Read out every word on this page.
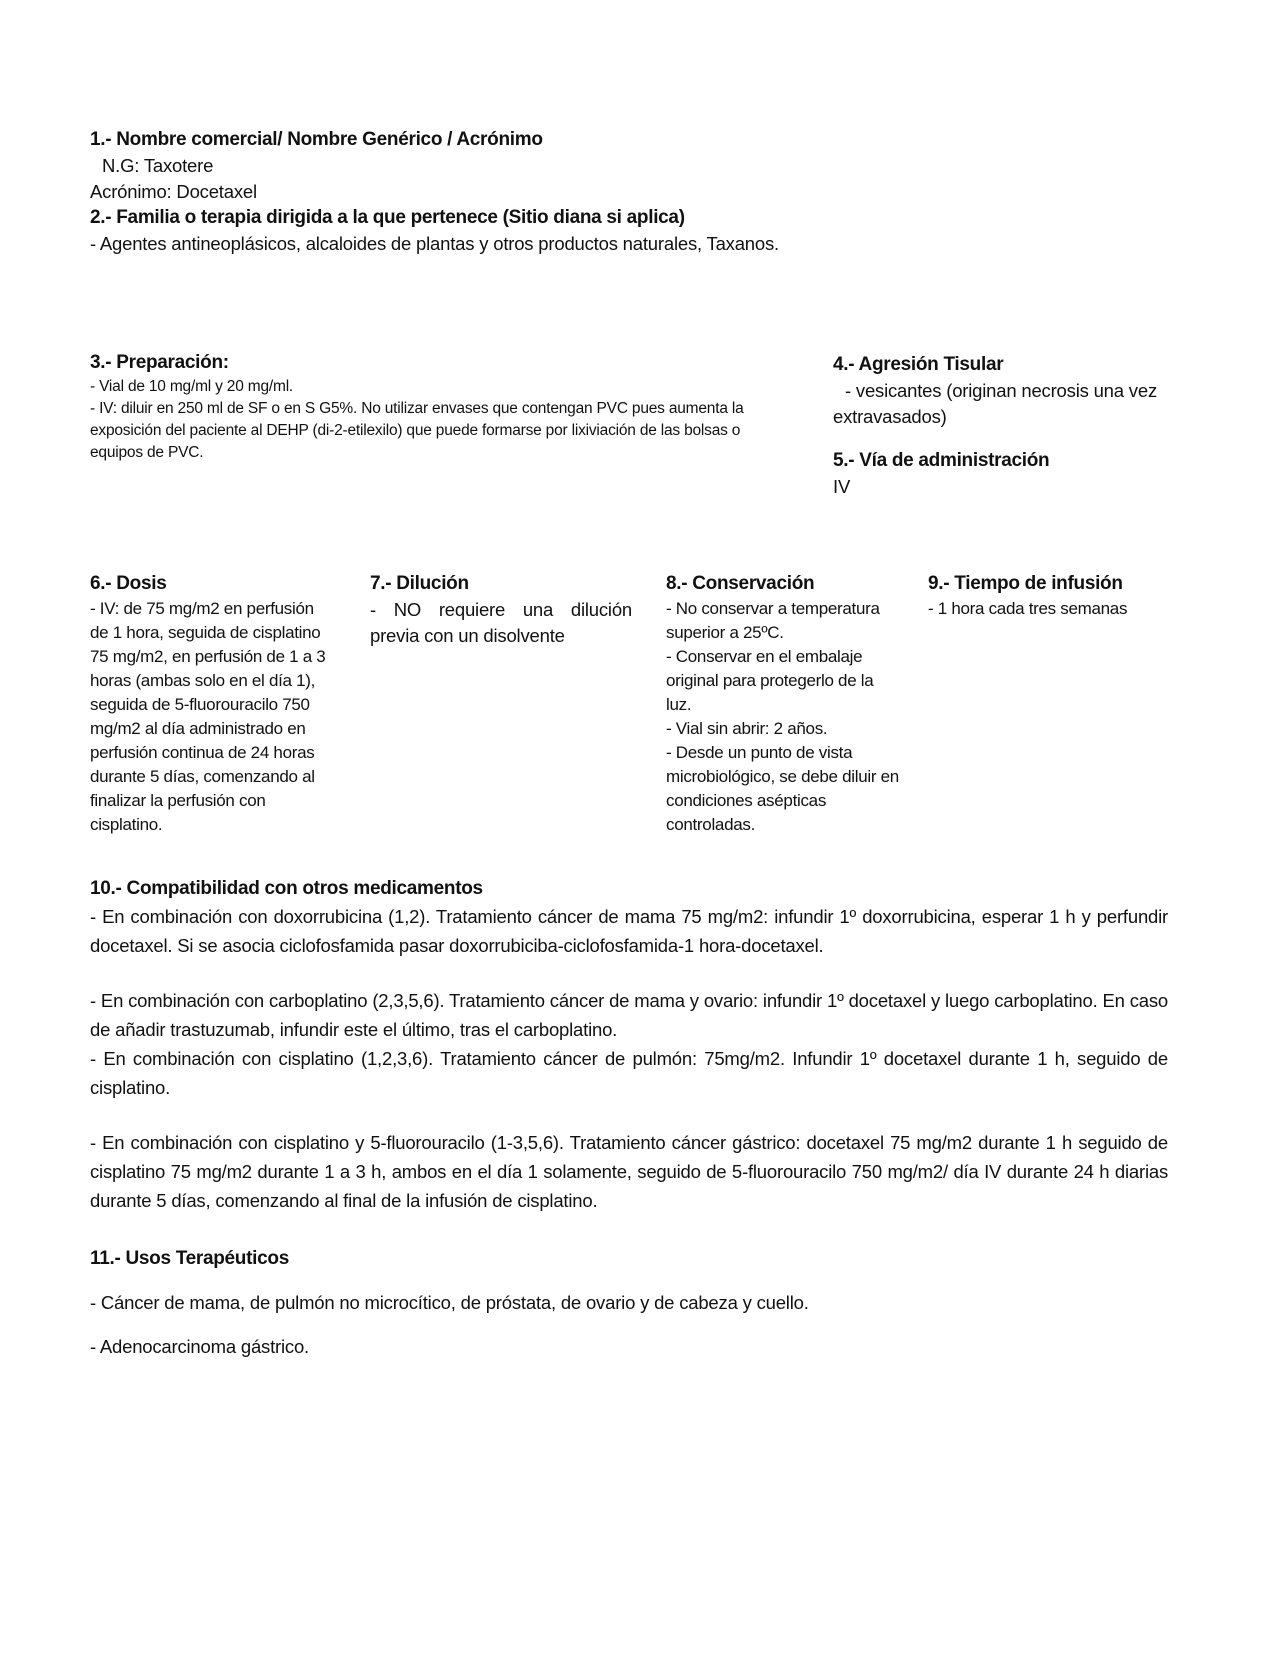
1.- Nombre comercial/ Nombre Genérico / Acrónimo

N.G: Taxotere

Acrónimo: Docetaxel

2.- Familia o terapia dirigida a la que pertenece (Sitio diana si aplica)

- Agentes antineoplásicos, alcaloides de plantas y otros productos naturales, Taxanos.

3.- Preparación:

- Vial de 10 mg/ml y 20 mg/ml.

- IV: diluir en 250 ml de SF o en S G5%. No utilizar envases que contengan PVC pues aumenta la exposición del paciente al DEHP (di-2-etilexilo) que puede formarse por lixiviación de las bolsas o equipos de PVC.

4.- Agresión Tisular

- vesicantes (originan necrosis una vez extravasados)

5.- Vía de administración

IV

6.- Dosis

- IV: de 75 mg/m2 en perfusión de 1 hora, seguida de cisplatino 75 mg/m2, en perfusión de 1 a 3 horas (ambas solo en el día 1), seguida de 5-fluorouracilo 750 mg/m2 al día administrado en perfusión continua de 24 horas durante 5 días, comenzando al finalizar la perfusión con cisplatino.

7.- Dilución

- NO requiere una dilución previa con un disolvente

8.- Conservación

- No conservar a temperatura superior a 25ºC.

- Conservar en el embalaje original para protegerlo de la luz.

- Vial sin abrir: 2 años.

- Desde un punto de vista microbiológico, se debe diluir en condiciones asépticas controladas.

9.- Tiempo de infusión

- 1 hora cada tres semanas

10.- Compatibilidad con otros medicamentos

- En combinación con doxorrubicina (1,2). Tratamiento cáncer de mama 75 mg/m2: infundir 1º doxorrubicina, esperar 1 h y perfundir docetaxel. Si se asocia ciclofosfamida pasar doxorrubiciba-ciclofosfamida-1 hora-docetaxel.

- En combinación con carboplatino (2,3,5,6). Tratamiento cáncer de mama y ovario: infundir 1º docetaxel y luego carboplatino. En caso de añadir trastuzumab, infundir este el último, tras el carboplatino.

- En combinación con cisplatino (1,2,3,6). Tratamiento cáncer de pulmón: 75mg/m2. Infundir 1º docetaxel durante 1 h, seguido de cisplatino.

- En combinación con cisplatino y 5-fluorouracilo (1-3,5,6). Tratamiento cáncer gástrico: docetaxel 75 mg/m2 durante 1 h seguido de cisplatino 75 mg/m2 durante 1 a 3 h, ambos en el día 1 solamente, seguido de 5-fluorouracilo 750 mg/m2/ día IV durante 24 h diarias durante 5 días, comenzando al final de la infusión de cisplatino.

11.- Usos Terapéuticos

- Cáncer de mama, de pulmón no microcítico, de próstata, de ovario y de cabeza y cuello.

- Adenocarcinoma gástrico.
